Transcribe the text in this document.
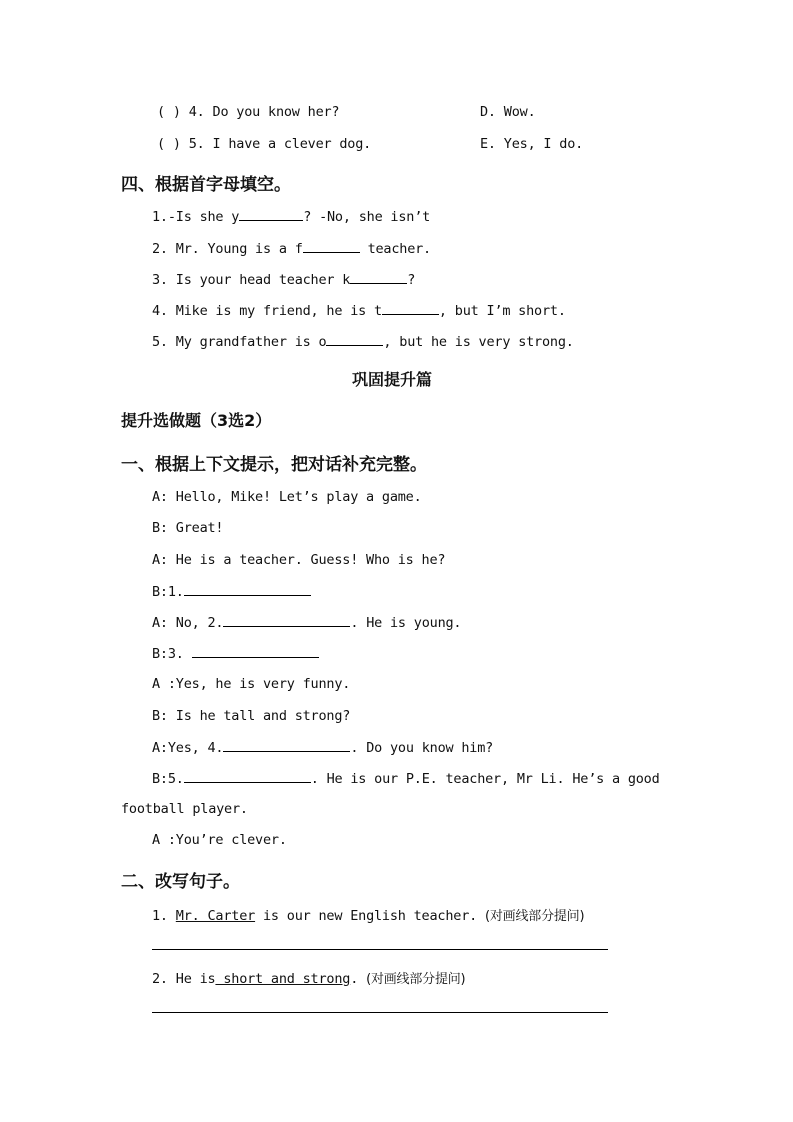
( ) 4. Do you know her?	D. Wow.
( ) 5. I have a clever dog.	E. Yes, I do.
四、根据首字母填空。
1.-Is she y	? -No, she isn’t
2. Mr. Young is a f	teacher.
3. Is your head teacher k	?
4. Mike is my friend, he is t	, but I’m short.
5. My grandfather is o	, but he is very strong.
巩固提升篇
提升选做题（3选2）
一、根据上下文提示，把对话补充完整。
A: Hello, Mike! Let’s play a game.
B: Great!
A: He is a teacher. Guess! Who is he?
B:1.
A: No, 2.	. He is young.
B:3.
A :Yes, he is very funny.
B: Is he tall and strong?
A:Yes, 4.	. Do you know him?
B:5.	. He is our P.E. teacher, Mr Li. He’s a good
football player.
A :You’re clever.
二、改写句子。
1. Mr. Carter is our new English teacher. (对画线部分提问)
2. He is short and strong. (对画线部分提问)
